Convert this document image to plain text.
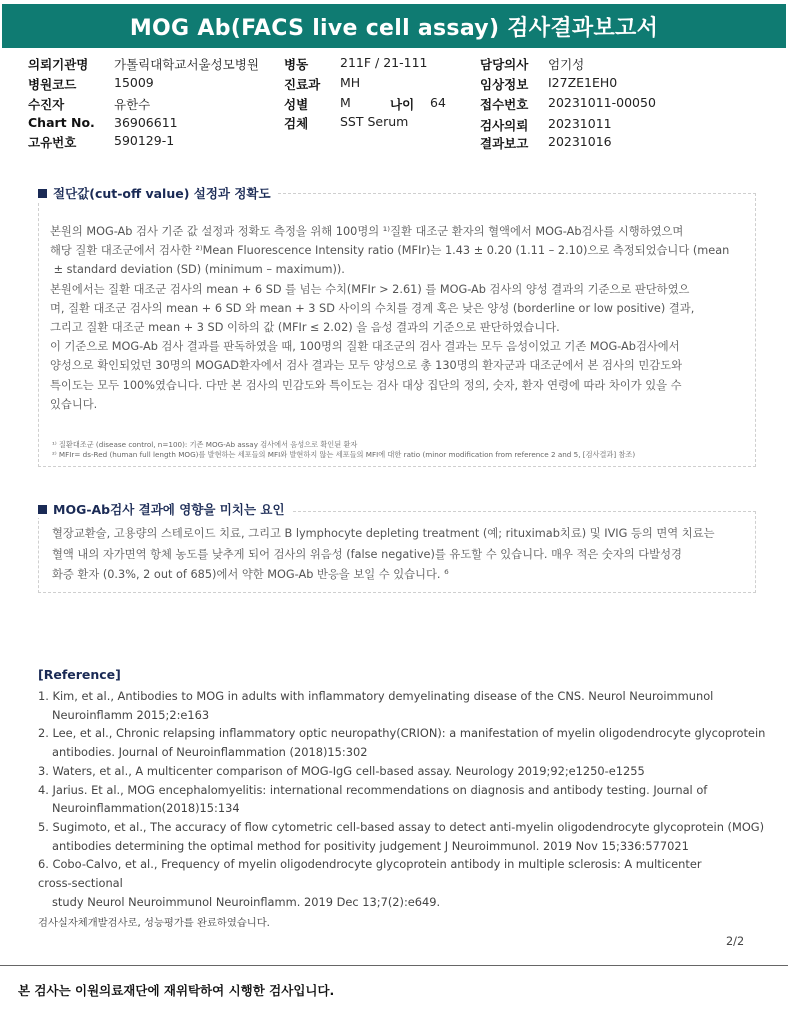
MOG Ab(FACS live cell assay) 검사결과보고서
의뢰기관명 가톨릭대학교서울성모병원
병원코드	15009
수진자	유한수
Chart No. 36906611
고유번호	590129-1
병동	211F / 21-111
진료과 MH
성별	M	나이 64
검체	SST Serum
담당의사 엄기성
임상정보 I27ZE1EH0
접수번호 20231011-00050
검사의뢰 20231011
결과보고 20231016
절단값(cut-off value) 설정과 정확도
본원의 MOG-Ab 검사 기준 값 설정과 정확도 측정을 위해 100명의 ¹⁾질환 대조군 환자의 혈액에서 MOG-Ab검사를 시행하였으며
해당 질환 대조군에서 검사한 ²⁾Mean Fluorescence Intensity ratio (MFIr)는 1.43 ± 0.20 (1.11 – 2.10)으로 측정되었습니다 (mean
± standard deviation (SD) (minimum – maximum)).
본원에서는 질환 대조군 검사의 mean + 6 SD 를 넘는 수치(MFIr > 2.61) 를 MOG-Ab 검사의 양성 결과의 기준으로 판단하였으
며, 질환 대조군 검사의 mean + 6 SD 와 mean + 3 SD 사이의 수치를 경계 혹은 낮은 양성 (borderline or low positive) 결과,
그리고 질환 대조군 mean + 3 SD 이하의 값 (MFIr ≤ 2.02) 을 음성 결과의 기준으로 판단하였습니다.
이 기준으로 MOG-Ab 검사 결과를 판독하였을 때, 100명의 질환 대조군의 검사 결과는 모두 음성이었고 기존 MOG-Ab검사에서
양성으로 확인되었던 30명의 MOGAD환자에서 검사 결과는 모두 양성으로 총 130명의 환자군과 대조군에서 본 검사의 민감도와
특이도는 모두 100%였습니다. 다만 본 검사의 민감도와 특이도는 검사 대상 집단의 정의, 숫자, 환자 연령에 따라 차이가 있을 수
있습니다.
¹⁾ 질환대조군 (disease control, n=100): 기존 MOG-Ab assay 검사에서 음성으로 확인된 환자
²⁾ MFIr= ds-Red (human full length MOG)를 발현하는 세포들의 MFI와 발현하지 않는 세포들의 MFI에 대한 ratio (minor modification from reference 2 and 5, [검사결과] 참조)
MOG-Ab검사 결과에 영향을 미치는 요인
혈장교환술, 고용량의 스테로이드 치료, 그리고 B lymphocyte depleting treatment (예; rituximab치료) 및 IVIG 등의 면역 치료는
혈액 내의 자가면역 항체 농도를 낮추게 되어 검사의 위음성 (false negative)를 유도할 수 있습니다. 매우 적은 숫자의 다발성경
화증 환자 (0.3%, 2 out of 685)에서 약한 MOG-Ab 반응을 보일 수 있습니다. ⁶
[Reference]
1. Kim, et al., Antibodies to MOG in adults with inflammatory demyelinating disease of the CNS. Neurol Neuroimmunol
Neuroinflamm 2015;2:e163
2. Lee, et al., Chronic relapsing inflammatory optic neuropathy(CRION): a manifestation of myelin oligodendrocyte glycoprotein
antibodies. Journal of Neuroinflammation (2018)15:302
3. Waters, et al., A multicenter comparison of MOG-IgG cell-based assay. Neurology 2019;92;e1250-e1255
4. Jarius. Et al., MOG encephalomyelitis: international recommendations on diagnosis and antibody testing. Journal of
Neuroinflammation(2018)15:134
5. Sugimoto, et al., The accuracy of flow cytometric cell-based assay to detect anti-myelin oligodendrocyte glycoprotein (MOG)
antibodies determining the optimal method for positivity judgement J Neuroimmunol. 2019 Nov 15;336:577021
6. Cobo-Calvo, et al., Frequency of myelin oligodendrocyte glycoprotein antibody in multiple sclerosis: A multicenter
cross-sectional
study Neurol Neuroimmunol Neuroinflamm. 2019 Dec 13;7(2):e649.
검사실자체개발검사로, 성능평가를 완료하였습니다.
2/2
본 검사는 이원의료재단에 재위탁하여 시행한 검사입니다.
